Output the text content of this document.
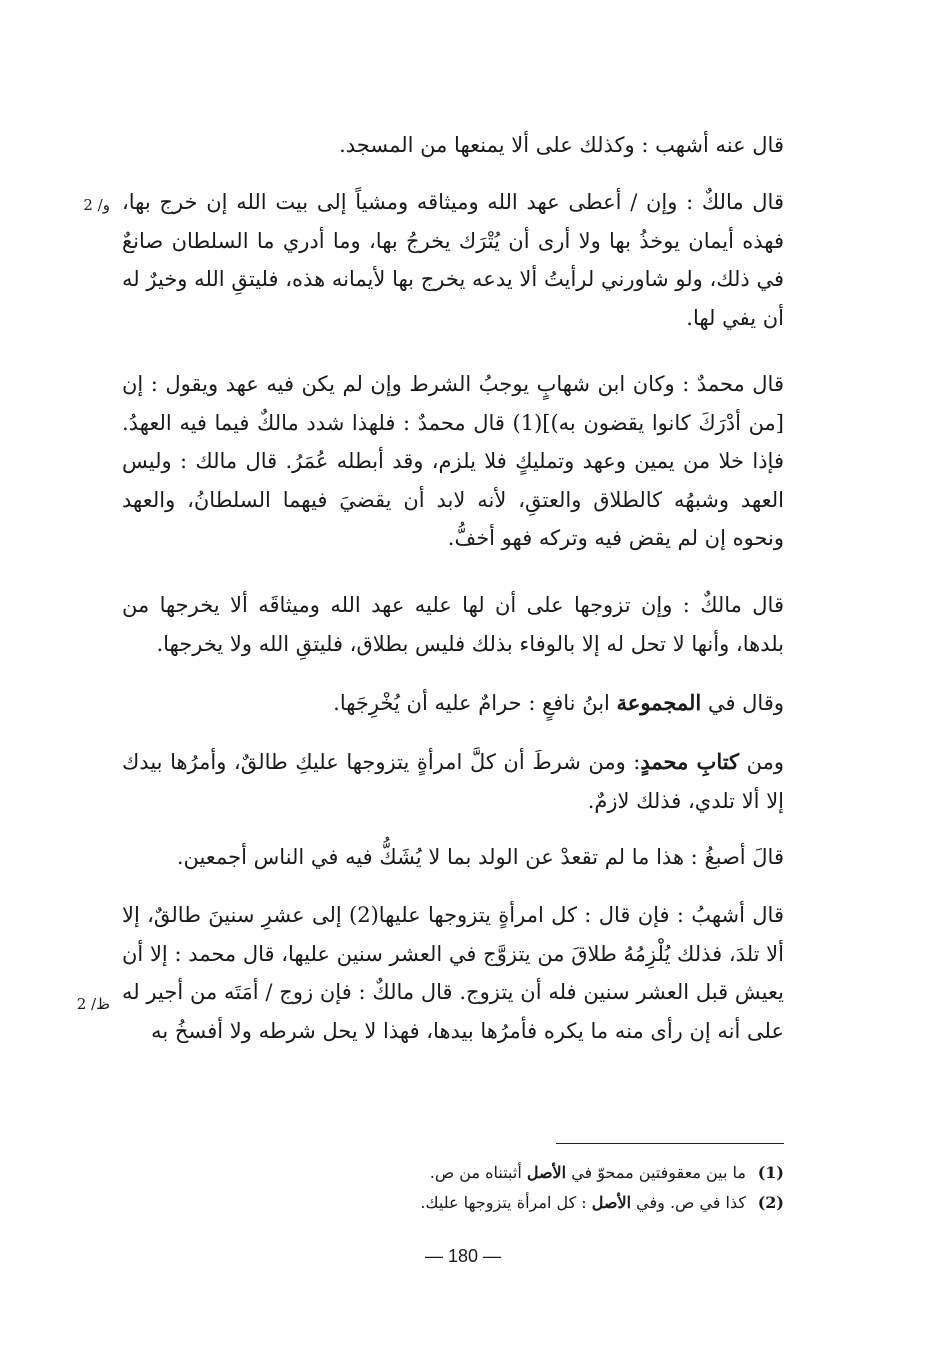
قال عنه أشهب : وكذلك على ألا يمنعها من المسجد.

قال مالكٌ : وإن / أعطى عهد الله وميثاقه ومشياً إلى بيت الله إن خرج بها، فهذه أيمان يوخذُ بها ولا أرى أن يُتْرَك يخرجُ بها، وما أدري ما السلطان صانعٌ في ذلك، ولو شاورني لرأيتُ ألا يدعه يخرج بها لأيمانه هذه، فليتقِ الله وخيرٌ له أن يفي لها.

قال محمدٌ : وكان ابن شهابٍ يوجبُ الشرط وإن لم يكن فيه عهد ويقول : إن [من أدْرَكَ كانوا يقضون به)](1) قال محمدٌ : فلهذا شدد مالكٌ فيما فيه العهدُ. فإذا خلا من يمين وعهد وتمليكٍ فلا يلزم، وقد أبطله عُمَرُ. قال مالك : وليس العهد وشبهُه كالطلاق والعتقِ، لأنه لابد أن يقضيَ فيهما السلطانُ، والعهد ونحوه إن لم يقض فيه وتركه فهو أخفُّ.

قال مالكٌ : وإن تزوجها على أن لها عليه عهد الله وميثاقَه ألا يخرجها من بلدها، وأنها لا تحل له إلا بالوفاء بذلك فليس بطلاق، فليتقِ الله ولا يخرجها.

وقال في المجموعة ابنُ نافعٍ : حرامٌ عليه أن يُخْرِجَها.

ومن كتابِ محمدٍ: ومن شرطَ أن كلَّ امرأةٍ يتزوجها عليكِ طالقٌ، وأمرُها بيدك إلا ألا تلدي، فذلك لازمٌ.

قالَ أصبغُ : هذا ما لم تقعدْ عن الولد بما لا يُشَكُّ فيه في الناس أجمعين.

قال أشهبُ : فإن قال : كل امرأةٍ يتزوجها عليها(2) إلى عشرِ سنينَ طالقٌ، إلا ألا تلدَ، فذلك يُلْزِمُهُ طلاقَ من يتزوَّج في العشر سنين عليها، قال محمد : إلا أن يعيش قبل العشر سنين فله أن يتزوج. قال مالكٌ : فإن زوج / أمَتَه من أجير له على أنه إن رأى منه ما يكره فأمرُها بيدها، فهذا لا يحل شرطه ولا أفسخُ به

2 /و
2 /ظ

(1)ما بين معقوفتين ممحوّ في الأصل أثبتناه من ص.

(2)كذا في ص. وفي الأصل : كل امرأة يتزوجها عليك.

— 180 —
